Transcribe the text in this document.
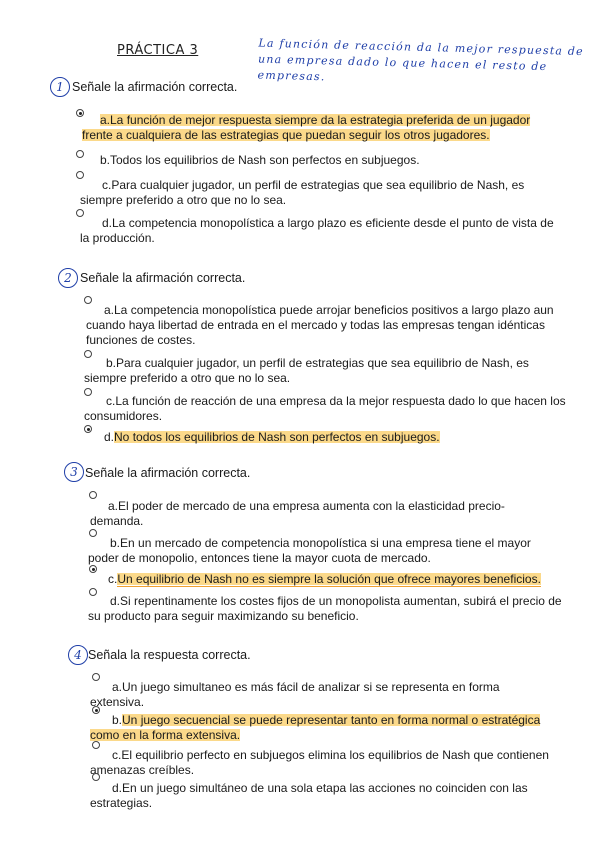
PRÁCTICA 3	La función de reacción da la mejor respuesta de una empresa dado lo que hacen el resto de empresas.
1 Señale la afirmación correcta.
a.La función de mejor respuesta siempre da la estrategia preferida de un jugador frente a cualquiera de las estrategias que puedan seguir los otros jugadores.
b.Todos los equilibrios de Nash son perfectos en subjuegos.
c.Para cualquier jugador, un perfil de estrategias que sea equilibrio de Nash, es siempre preferido a otro que no lo sea.
d.La competencia monopolística a largo plazo es eficiente desde el punto de vista de la producción.
2 Señale la afirmación correcta.
a.La competencia monopolística puede arrojar beneficios positivos a largo plazo aun cuando haya libertad de entrada en el mercado y todas las empresas tengan idénticas funciones de costes.
b.Para cualquier jugador, un perfil de estrategias que sea equilibrio de Nash, es siempre preferido a otro que no lo sea.
c.La función de reacción de una empresa da la mejor respuesta dado lo que hacen los consumidores.
d.No todos los equilibrios de Nash son perfectos en subjuegos.
3 Señale la afirmación correcta.
a.El poder de mercado de una empresa aumenta con la elasticidad precio-demanda.
b.En un mercado de competencia monopolística si una empresa tiene el mayor poder de monopolio, entonces tiene la mayor cuota de mercado.
c.Un equilibrio de Nash no es siempre la solución que ofrece mayores beneficios.
d.Si repentinamente los costes fijos de un monopolista aumentan, subirá el precio de su producto para seguir maximizando su beneficio.
4 Señala la respuesta correcta.
a.Un juego simultaneo es más fácil de analizar si se representa en forma extensiva.
b.Un juego secuencial se puede representar tanto en forma normal o estratégica como en la forma extensiva.
c.El equilibrio perfecto en subjuegos elimina los equilibrios de Nash que contienen amenazas creíbles.
d.En un juego simultáneo de una sola etapa las acciones no coinciden con las estrategias.
